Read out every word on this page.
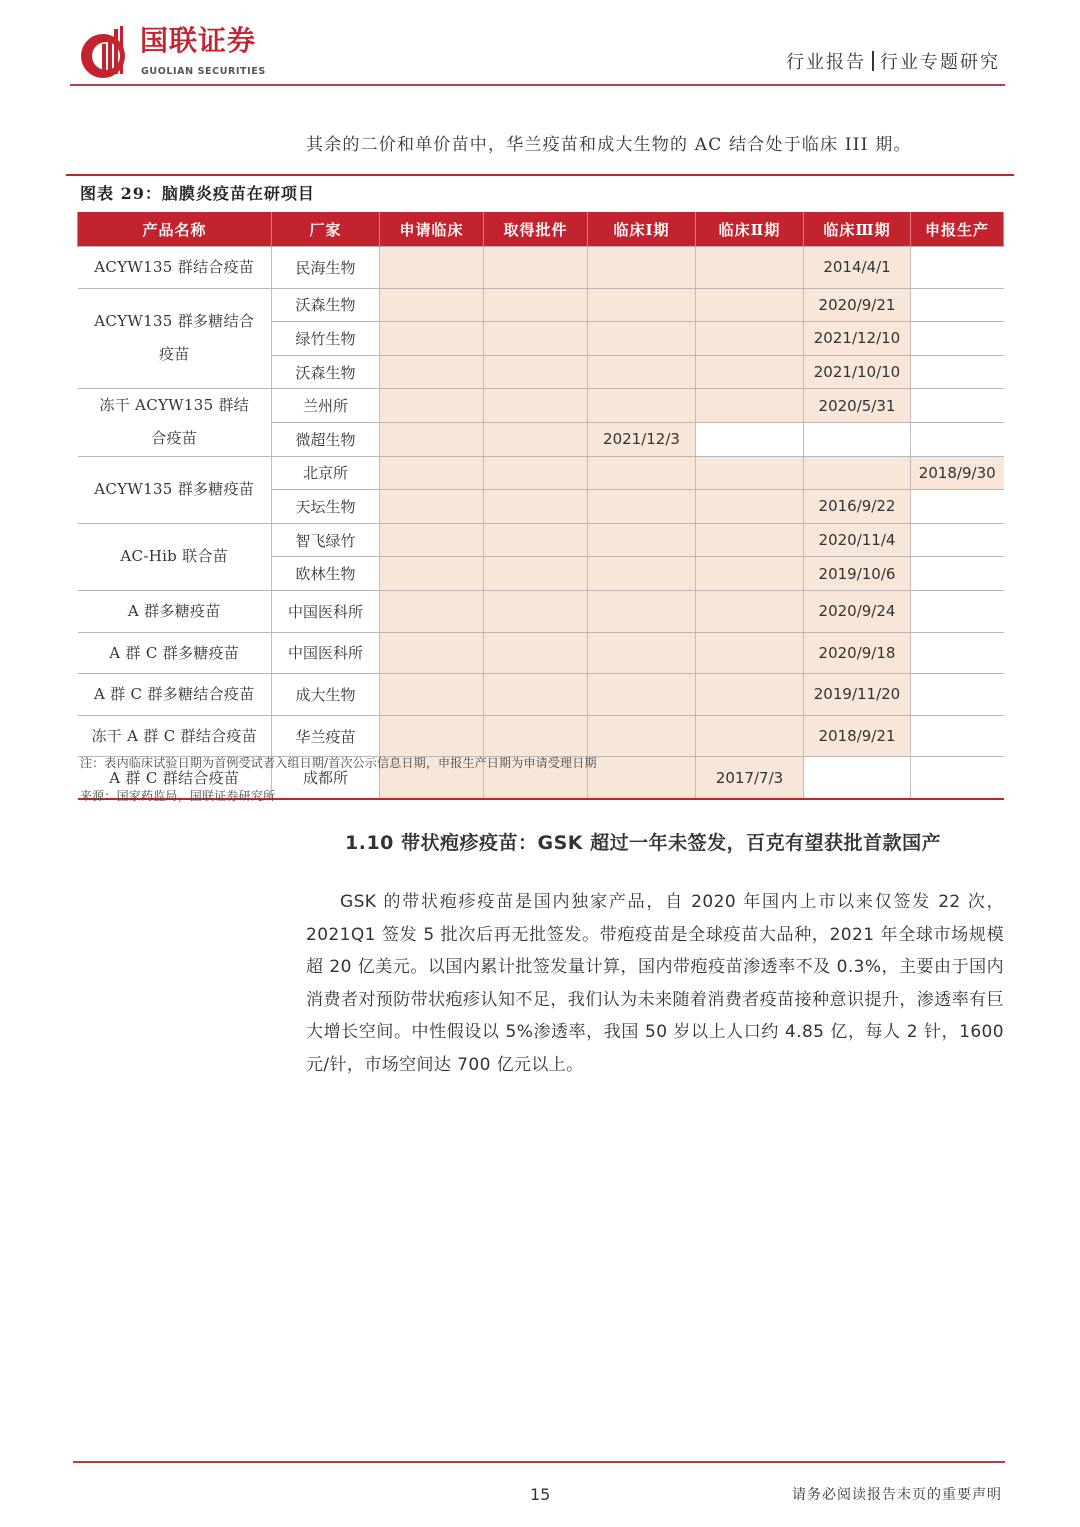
国联证券
GUOLIAN SECURITIES	行业报告 行业专题研究
其余的二价和单价苗中，华兰疫苗和成大生物的 AC 结合处于临床 III 期。
图表 29：脑膜炎疫苗在研项目
产品名称	厂家	申请临床	取得批件	临床Ⅰ期	临床Ⅱ期	临床Ⅲ期	申报生产
ACYW135 群结合疫苗	民海生物					2014/4/1	
ACYW135 群多糖结合疫苗	沃森生物					2020/9/21	
	绿竹生物					2021/12/10	
	沃森生物					2021/10/10	
冻干 ACYW135 群结合疫苗	兰州所					2020/5/31	
	微超生物			2021/12/3			
ACYW135 群多糖疫苗	北京所						2018/9/30
	天坛生物					2016/9/22	
AC-Hib 联合苗	智飞绿竹					2020/11/4	
	欧林生物					2019/10/6	
A 群多糖疫苗	中国医科所					2020/9/24	
A 群 C 群多糖疫苗	中国医科所					2020/9/18	
A 群 C 群多糖结合疫苗	成大生物					2019/11/20	
冻干 A 群 C 群结合疫苗	华兰疫苗					2018/9/21	
A 群 C 群结合疫苗	成都所				2017/7/3		
注：表内临床试验日期为首例受试者入组日期/首次公示信息日期，申报生产日期为申请受理日期
来源：国家药监局，国联证券研究所
1.10 带状疱疹疫苗：GSK 超过一年未签发，百克有望获批首款国产

GSK 的带状疱疹疫苗是国内独家产品，自 2020 年国内上市以来仅签发 22 次，2021Q1 签发 5 批次后再无批签发。带疱疫苗是全球疫苗大品种，2021 年全球市场规模超 20 亿美元。以国内累计批签发量计算，国内带疱疫苗渗透率不及 0.3%，主要由于国内消费者对预防带状疱疹认知不足，我们认为未来随着消费者疫苗接种意识提升，渗透率有巨大增长空间。中性假设以 5%渗透率，我国 50 岁以上人口约 4.85 亿，每人 2 针，1600 元/针，市场空间达 700 亿元以上。

15	请务必阅读报告末页的重要声明
